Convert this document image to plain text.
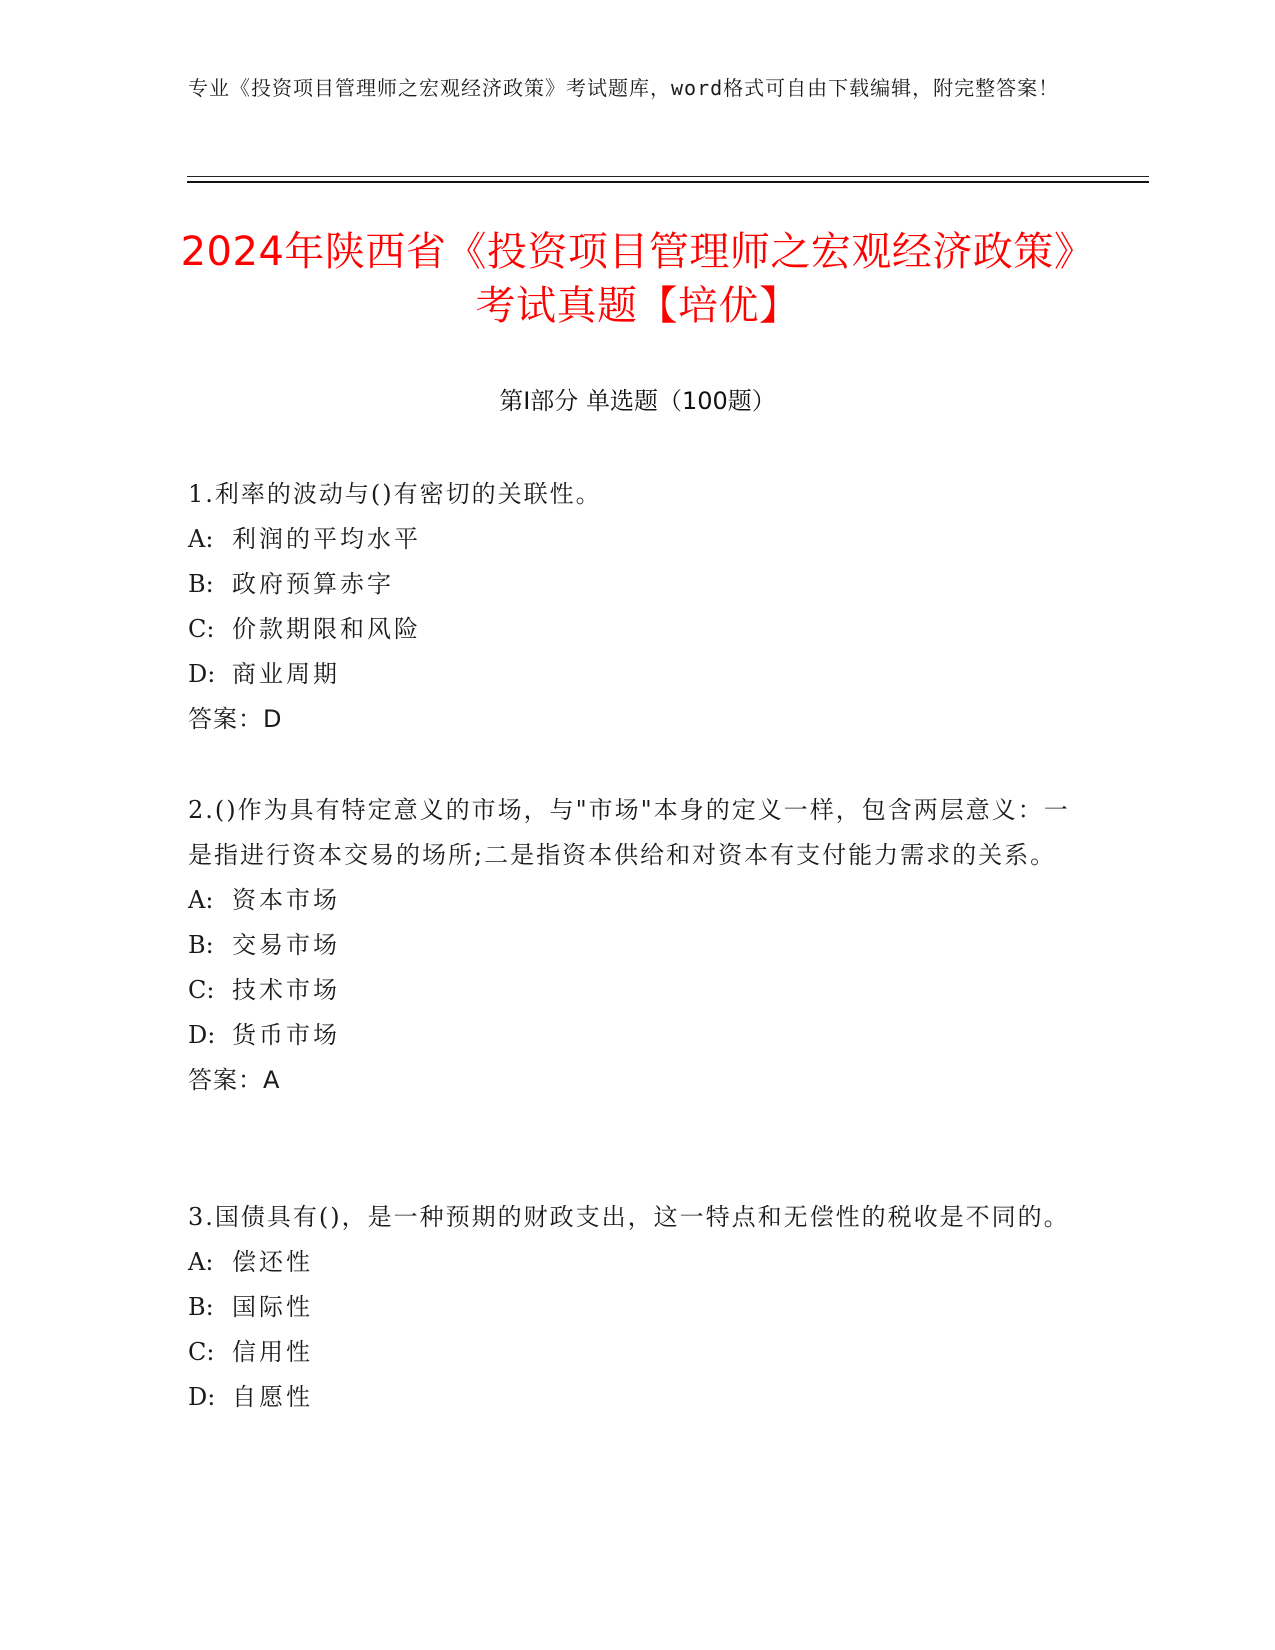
专业《投资项目管理师之宏观经济政策》考试题库，word格式可自由下载编辑，附完整答案！
2024年陕西省《投资项目管理师之宏观经济政策》考试真题【培优】
第I部分 单选题（100题）
1.利率的波动与()有密切的关联性。
A: 利润的平均水平
B: 政府预算赤字
C: 价款期限和风险
D: 商业周期
答案：D
2.()作为具有特定意义的市场，与"市场"本身的定义一样，包含两层意义：一是指进行资本交易的场所;二是指资本供给和对资本有支付能力需求的关系。
A: 资本市场
B: 交易市场
C: 技术市场
D: 货币市场
答案：A
3.国债具有()，是一种预期的财政支出，这一特点和无偿性的税收是不同的。
A: 偿还性
B: 国际性
C: 信用性
D: 自愿性
